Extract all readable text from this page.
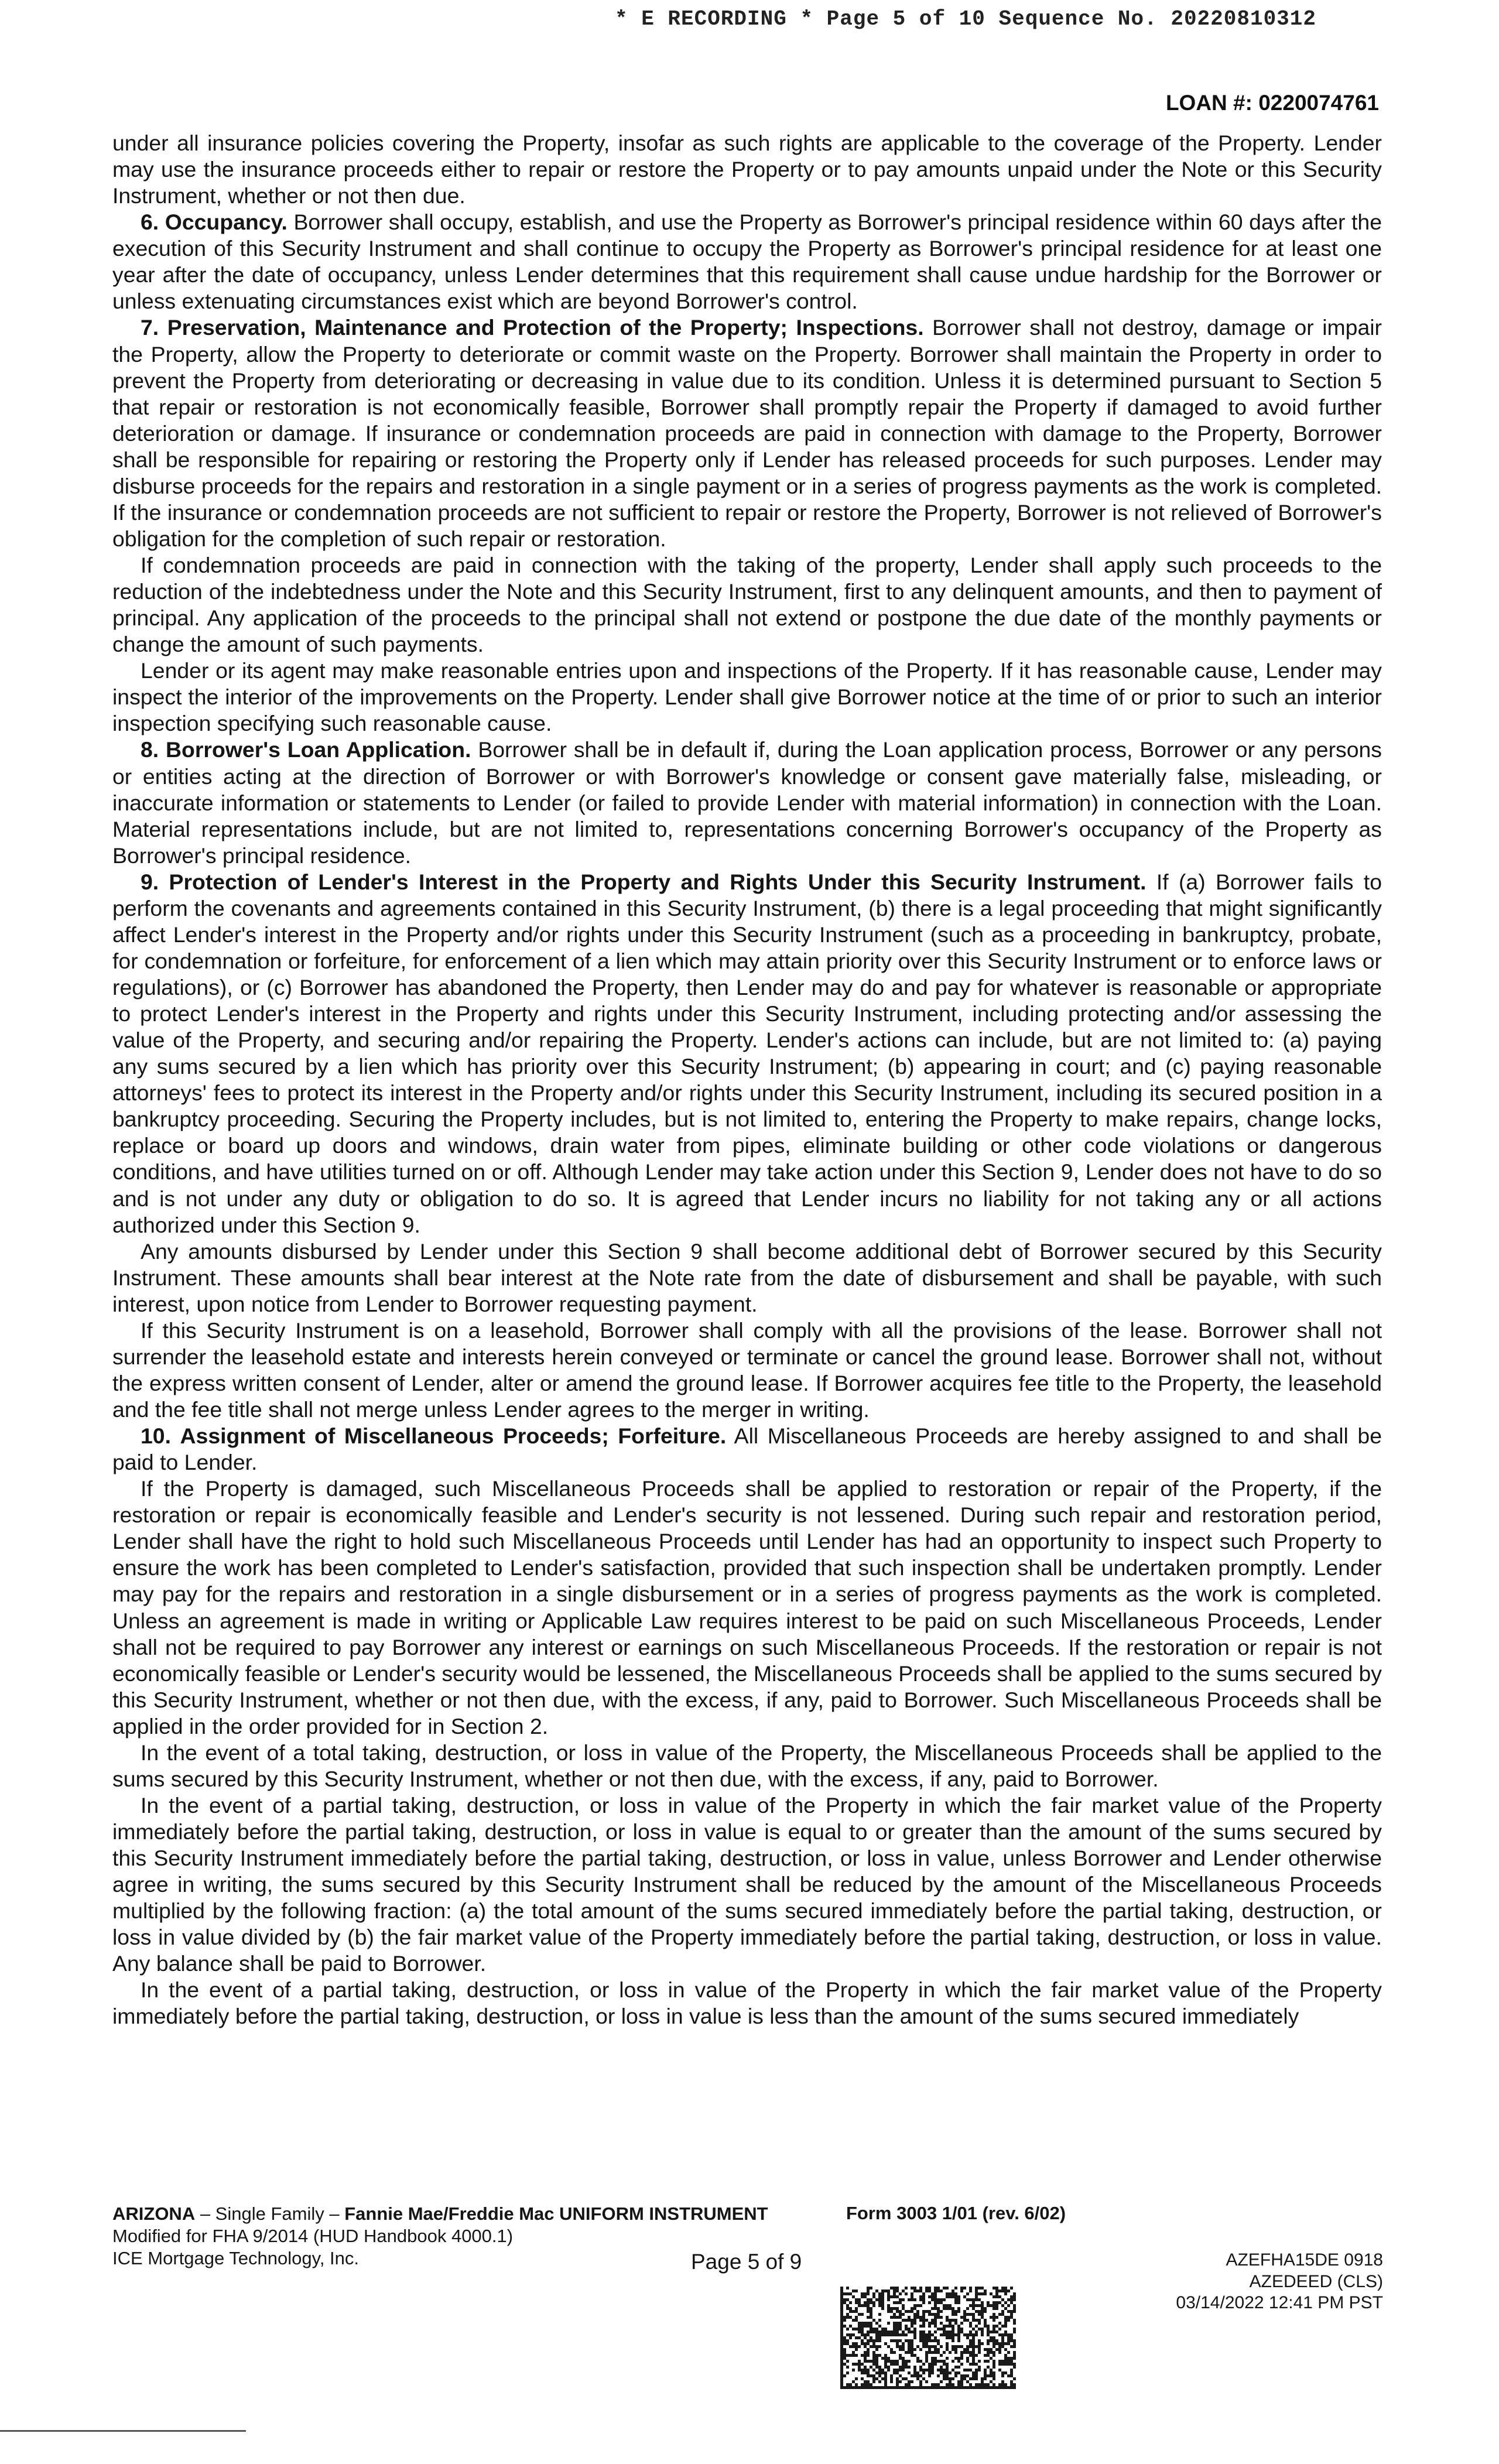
* E RECORDING * Page 5 of 10 Sequence No. 20220810312
LOAN #: 0220074761

under all insurance policies covering the Property, insofar as such rights are applicable to the coverage of the Property. Lender may use the insurance proceeds either to repair or restore the Property or to pay amounts unpaid under the Note or this Security Instrument, whether or not then due.

6. Occupancy. Borrower shall occupy, establish, and use the Property as Borrower's principal residence within 60 days after the execution of this Security Instrument and shall continue to occupy the Property as Borrower's principal residence for at least one year after the date of occupancy, unless Lender determines that this requirement shall cause undue hardship for the Borrower or unless extenuating circumstances exist which are beyond Borrower's control.

7. Preservation, Maintenance and Protection of the Property; Inspections. Borrower shall not destroy, damage or impair the Property, allow the Property to deteriorate or commit waste on the Property. Borrower shall maintain the Property in order to prevent the Property from deteriorating or decreasing in value due to its condition. Unless it is determined pursuant to Section 5 that repair or restoration is not economically feasible, Borrower shall promptly repair the Property if damaged to avoid further deterioration or damage. If insurance or condemnation proceeds are paid in connection with damage to the Property, Borrower shall be responsible for repairing or restoring the Property only if Lender has released proceeds for such purposes. Lender may disburse proceeds for the repairs and restoration in a single payment or in a series of progress payments as the work is completed. If the insurance or condemnation proceeds are not sufficient to repair or restore the Property, Borrower is not relieved of Borrower's obligation for the completion of such repair or restoration.

If condemnation proceeds are paid in connection with the taking of the property, Lender shall apply such proceeds to the reduction of the indebtedness under the Note and this Security Instrument, first to any delinquent amounts, and then to payment of principal. Any application of the proceeds to the principal shall not extend or postpone the due date of the monthly payments or change the amount of such payments.

Lender or its agent may make reasonable entries upon and inspections of the Property. If it has reasonable cause, Lender may inspect the interior of the improvements on the Property. Lender shall give Borrower notice at the time of or prior to such an interior inspection specifying such reasonable cause.

8. Borrower's Loan Application. Borrower shall be in default if, during the Loan application process, Borrower or any persons or entities acting at the direction of Borrower or with Borrower's knowledge or consent gave materially false, misleading, or inaccurate information or statements to Lender (or failed to provide Lender with material information) in connection with the Loan. Material representations include, but are not limited to, representations concerning Borrower's occupancy of the Property as Borrower's principal residence.

9. Protection of Lender's Interest in the Property and Rights Under this Security Instrument. If (a) Borrower fails to perform the covenants and agreements contained in this Security Instrument, (b) there is a legal proceeding that might significantly affect Lender's interest in the Property and/or rights under this Security Instrument (such as a proceeding in bankruptcy, probate, for condemnation or forfeiture, for enforcement of a lien which may attain priority over this Security Instrument or to enforce laws or regulations), or (c) Borrower has abandoned the Property, then Lender may do and pay for whatever is reasonable or appropriate to protect Lender's interest in the Property and rights under this Security Instrument, including protecting and/or assessing the value of the Property, and securing and/or repairing the Property. Lender's actions can include, but are not limited to: (a) paying any sums secured by a lien which has priority over this Security Instrument; (b) appearing in court; and (c) paying reasonable attorneys' fees to protect its interest in the Property and/or rights under this Security Instrument, including its secured position in a bankruptcy proceeding. Securing the Property includes, but is not limited to, entering the Property to make repairs, change locks, replace or board up doors and windows, drain water from pipes, eliminate building or other code violations or dangerous conditions, and have utilities turned on or off. Although Lender may take action under this Section 9, Lender does not have to do so and is not under any duty or obligation to do so. It is agreed that Lender incurs no liability for not taking any or all actions authorized under this Section 9.

Any amounts disbursed by Lender under this Section 9 shall become additional debt of Borrower secured by this Security Instrument. These amounts shall bear interest at the Note rate from the date of disbursement and shall be payable, with such interest, upon notice from Lender to Borrower requesting payment.

If this Security Instrument is on a leasehold, Borrower shall comply with all the provisions of the lease. Borrower shall not surrender the leasehold estate and interests herein conveyed or terminate or cancel the ground lease. Borrower shall not, without the express written consent of Lender, alter or amend the ground lease. If Borrower acquires fee title to the Property, the leasehold and the fee title shall not merge unless Lender agrees to the merger in writing.

10. Assignment of Miscellaneous Proceeds; Forfeiture. All Miscellaneous Proceeds are hereby assigned to and shall be paid to Lender.

If the Property is damaged, such Miscellaneous Proceeds shall be applied to restoration or repair of the Property, if the restoration or repair is economically feasible and Lender's security is not lessened. During such repair and restoration period, Lender shall have the right to hold such Miscellaneous Proceeds until Lender has had an opportunity to inspect such Property to ensure the work has been completed to Lender's satisfaction, provided that such inspection shall be undertaken promptly. Lender may pay for the repairs and restoration in a single disbursement or in a series of progress payments as the work is completed. Unless an agreement is made in writing or Applicable Law requires interest to be paid on such Miscellaneous Proceeds, Lender shall not be required to pay Borrower any interest or earnings on such Miscellaneous Proceeds. If the restoration or repair is not economically feasible or Lender's security would be lessened, the Miscellaneous Proceeds shall be applied to the sums secured by this Security Instrument, whether or not then due, with the excess, if any, paid to Borrower. Such Miscellaneous Proceeds shall be applied in the order provided for in Section 2.

In the event of a total taking, destruction, or loss in value of the Property, the Miscellaneous Proceeds shall be applied to the sums secured by this Security Instrument, whether or not then due, with the excess, if any, paid to Borrower.

In the event of a partial taking, destruction, or loss in value of the Property in which the fair market value of the Property immediately before the partial taking, destruction, or loss in value is equal to or greater than the amount of the sums secured by this Security Instrument immediately before the partial taking, destruction, or loss in value, unless Borrower and Lender otherwise agree in writing, the sums secured by this Security Instrument shall be reduced by the amount of the Miscellaneous Proceeds multiplied by the following fraction: (a) the total amount of the sums secured immediately before the partial taking, destruction, or loss in value divided by (b) the fair market value of the Property immediately before the partial taking, destruction, or loss in value. Any balance shall be paid to Borrower.

In the event of a partial taking, destruction, or loss in value of the Property in which the fair market value of the Property immediately before the partial taking, destruction, or loss in value is less than the amount of the sums secured immediately

ARIZONA – Single Family – Fannie Mae/Freddie Mac UNIFORM INSTRUMENT
Modified for FHA 9/2014 (HUD Handbook 4000.1)
ICE Mortgage Technology, Inc.
Form 3003 1/01 (rev. 6/02)
Page 5 of 9	AZEFHA15DE 0918
AZEDEED (CLS)
03/14/2022 12:41 PM PST
